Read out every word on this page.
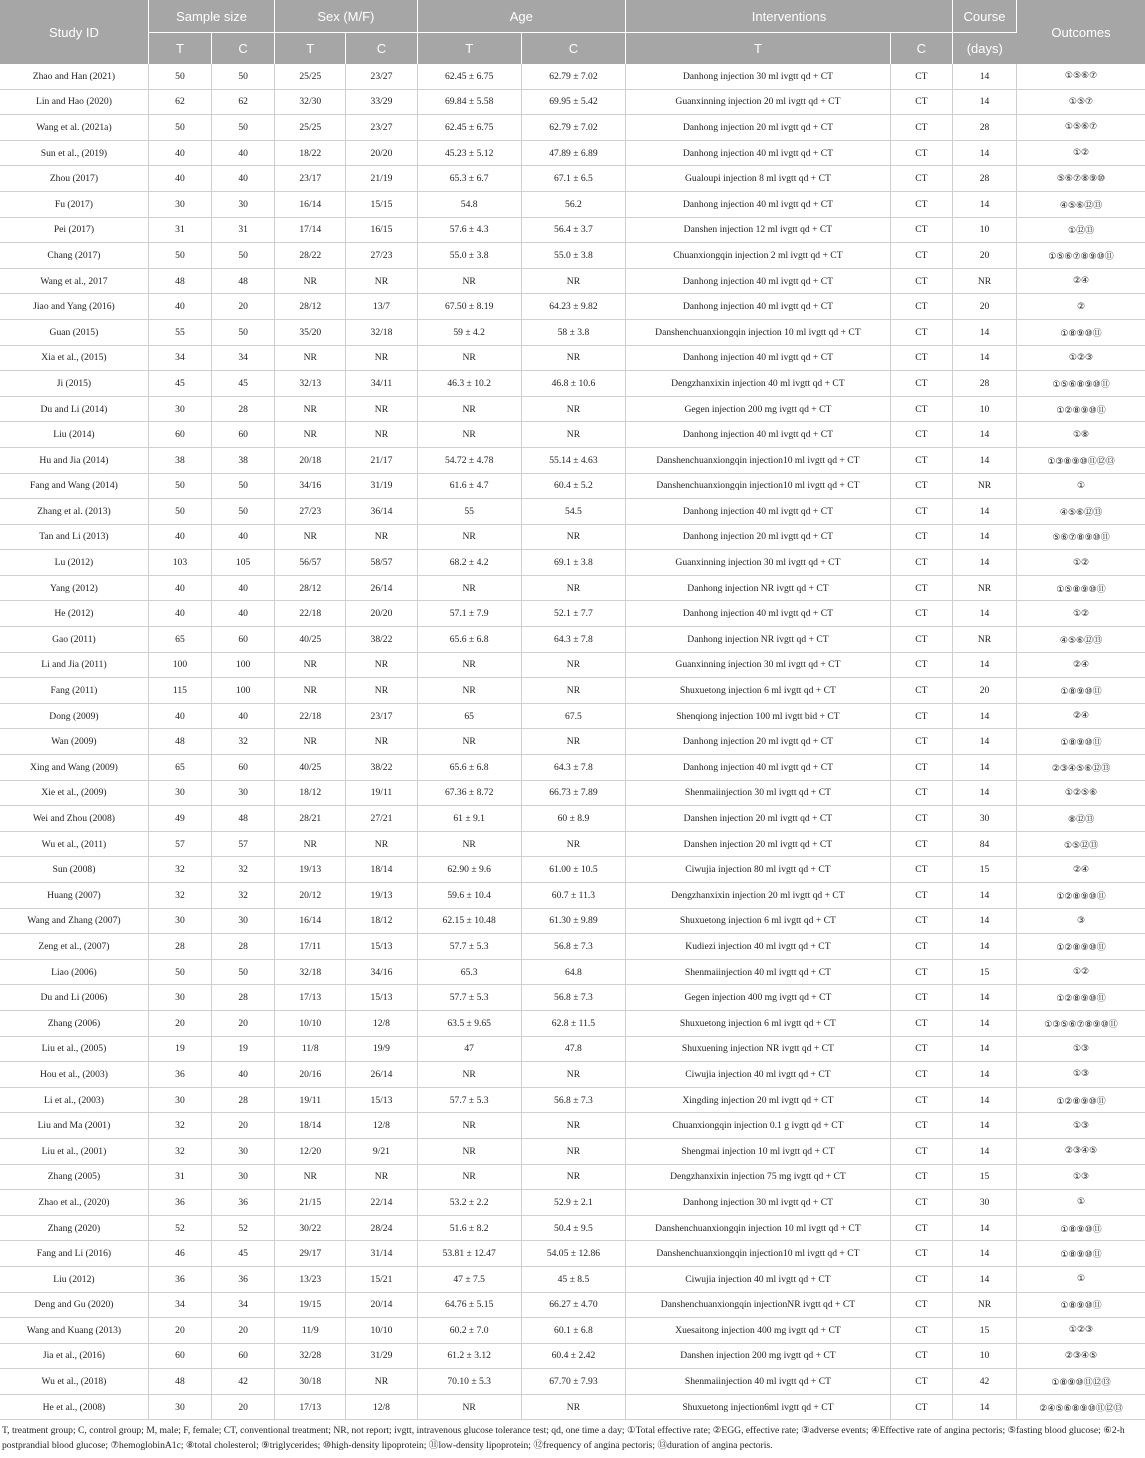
Study ID	Sample size		Sex (M/F)		Age		Interventions		Course	Outcomes
	T	C	T	C	T	C	T	C	(days)	
Zhao and Han (2021)	50	50	25/25	23/27	62.45 ± 6.75	62.79 ± 7.02	Danhong injection 30 ml ivgtt qd + CT	CT	14	①⑤⑥⑦
Lin and Hao (2020)	62	62	32/30	33/29	69.84 ± 5.58	69.95 ± 5.42	Guanxinning injection 20 ml ivgtt qd + CT	CT	14	①⑤⑦
Wang et al. (2021a)	50	50	25/25	23/27	62.45 ± 6.75	62.79 ± 7.02	Danhong injection 20 ml ivgtt qd + CT	CT	28	①⑤⑥⑦
Sun et al., (2019)	40	40	18/22	20/20	45.23 ± 5.12	47.89 ± 6.89	Danhong injection 40 ml ivgtt qd + CT	CT	14	①②
Zhou (2017)	40	40	23/17	21/19	65.3 ± 6.7	67.1 ± 6.5	Gualoupi injection 8 ml ivgtt qd + CT	CT	28	⑤⑥⑦⑧⑨⑩
Fu (2017)	30	30	16/14	15/15	54.8	56.2	Danhong injection 40 ml ivgtt qd + CT	CT	14	④⑤⑥⑫⑬
Pei (2017)	31	31	17/14	16/15	57.6 ± 4.3	56.4 ± 3.7	Danshen injection 12 ml ivgtt qd + CT	CT	10	①⑫⑬
Chang (2017)	50	50	28/22	27/23	55.0 ± 3.8	55.0 ± 3.8	Chuanxiongqin injection 2 ml ivgtt qd + CT	CT	20	①⑤⑥⑦⑧⑨⑩⑪
Wang et al., 2017	48	48	NR	NR	NR	NR	Danhong injection 40 ml ivgtt qd + CT	CT	NR	②④
Jiao and Yang (2016)	40	20	28/12	13/7	67.50 ± 8.19	64.23 ± 9.82	Danhong injection 40 ml ivgtt qd + CT	CT	20	②
Guan (2015)	55	50	35/20	32/18	59 ± 4.2	58 ± 3.8	Danshenchuanxiongqin injection 10 ml ivgtt qd + CT	CT	14	①⑧⑨⑩⑪
Xia et al., (2015)	34	34	NR	NR	NR	NR	Danhong injection 40 ml ivgtt qd + CT	CT	14	①②③
Ji (2015)	45	45	32/13	34/11	46.3 ± 10.2	46.8 ± 10.6	Dengzhanxixin injection 40 ml ivgtt qd + CT	CT	28	①⑤⑥⑧⑨⑩⑪
Du and Li (2014)	30	28	NR	NR	NR	NR	Gegen injection 200 mg ivgtt qd + CT	CT	10	①②⑧⑨⑩⑪
Liu (2014)	60	60	NR	NR	NR	NR	Danhong injection 40 ml ivgtt qd + CT	CT	14	①⑧
Hu and Jia (2014)	38	38	20/18	21/17	54.72 ± 4.78	55.14 ± 4.63	Danshenchuanxiongqin injection10 ml ivgtt qd + CT	CT	14	①③⑧⑨⑩⑪⑫⑬
Fang and Wang (2014)	50	50	34/16	31/19	61.6 ± 4.7	60.4 ± 5.2	Danshenchuanxiongqin injection10 ml ivgtt qd + CT	CT	NR	①
Zhang et al. (2013)	50	50	27/23	36/14	55	54.5	Danhong injection 40 ml ivgtt qd + CT	CT	14	④⑤⑥⑫⑬
Tan and Li (2013)	40	40	NR	NR	NR	NR	Danhong injection 20 ml ivgtt qd + CT	CT	14	⑤⑥⑦⑧⑨⑩⑪
Lu (2012)	103	105	56/57	58/57	68.2 ± 4.2	69.1 ± 3.8	Guanxinning injection 30 ml ivgtt qd + CT	CT	14	①②
Yang (2012)	40	40	28/12	26/14	NR	NR	Danhong injection NR ivgtt qd + CT	CT	NR	①⑤⑧⑨⑩⑪
He (2012)	40	40	22/18	20/20	57.1 ± 7.9	52.1 ± 7.7	Danhong injection 40 ml ivgtt qd + CT	CT	14	①②
Gao (2011)	65	60	40/25	38/22	65.6 ± 6.8	64.3 ± 7.8	Danhong injection NR ivgtt qd + CT	CT	NR	④⑤⑥⑫⑬
Li and Jia (2011)	100	100	NR	NR	NR	NR	Guanxinning injection 30 ml ivgtt qd + CT	CT	14	②④
Fang (2011)	115	100	NR	NR	NR	NR	Shuxuetong injection 6 ml ivgtt qd + CT	CT	20	①⑧⑨⑩⑪
Dong (2009)	40	40	22/18	23/17	65	67.5	Shenqiong injection 100 ml ivgtt bid + CT	CT	14	②④
Wan (2009)	48	32	NR	NR	NR	NR	Danhong injection 20 ml ivgtt qd + CT	CT	14	①⑧⑨⑩⑪
Xing and Wang (2009)	65	60	40/25	38/22	65.6 ± 6.8	64.3 ± 7.8	Danhong injection 40 ml ivgtt qd + CT	CT	14	②③④⑤⑥⑫⑬
Xie et al., (2009)	30	30	18/12	19/11	67.36 ± 8.72	66.73 ± 7.89	Shenmaiinjection 30 ml ivgtt qd + CT	CT	14	①②⑤⑥
Wei and Zhou (2008)	49	48	28/21	27/21	61 ± 9.1	60 ± 8.9	Danshen injection 20 ml ivgtt qd + CT	CT	30	⑧⑫⑬
Wu et al., (2011)	57	57	NR	NR	NR	NR	Danshen injection 20 ml ivgtt qd + CT	CT	84	①⑤⑫⑬
Sun (2008)	32	32	19/13	18/14	62.90 ± 9.6	61.00 ± 10.5	Ciwujia injection 80 ml ivgtt qd + CT	CT	15	②④
Huang (2007)	32	32	20/12	19/13	59.6 ± 10.4	60.7 ± 11.3	Dengzhanxixin injection 20 ml ivgtt qd + CT	CT	14	①②⑧⑨⑩⑪
Wang and Zhang (2007)	30	30	16/14	18/12	62.15 ± 10.48	61.30 ± 9.89	Shuxuetong injection 6 ml ivgtt qd + CT	CT	14	③
Zeng et al., (2007)	28	28	17/11	15/13	57.7 ± 5.3	56.8 ± 7.3	Kudiezi injection 40 ml ivgtt qd + CT	CT	14	①②⑧⑨⑩⑪
Liao (2006)	50	50	32/18	34/16	65.3	64.8	Shenmaiinjection 40 ml ivgtt qd + CT	CT	15	①②
Du and Li (2006)	30	28	17/13	15/13	57.7 ± 5.3	56.8 ± 7.3	Gegen injection 400 mg ivgtt qd + CT	CT	14	①②⑧⑨⑩⑪
Zhang (2006)	20	20	10/10	12/8	63.5 ± 9.65	62.8 ± 11.5	Shuxuetong injection 6 ml ivgtt qd + CT	CT	14	①③⑤⑥⑦⑧⑨⑩⑪
Liu et al., (2005)	19	19	11/8	19/9	47	47.8	Shuxuening injection NR ivgtt qd + CT	CT	14	①③
Hou et al., (2003)	36	40	20/16	26/14	NR	NR	Ciwujia injection 40 ml ivgtt qd + CT	CT	14	①③
Li et al., (2003)	30	28	19/11	15/13	57.7 ± 5.3	56.8 ± 7.3	Xingding injection 20 ml ivgtt qd + CT	CT	14	①②⑧⑨⑩⑪
Liu and Ma (2001)	32	20	18/14	12/8	NR	NR	Chuanxiongqin injection 0.1 g ivgtt qd + CT	CT	14	①③
Liu et al., (2001)	32	30	12/20	9/21	NR	NR	Shengmai injection 10 ml ivgtt qd + CT	CT	14	②③④⑤
Zhang (2005)	31	30	NR	NR	NR	NR	Dengzhanxixin injection 75 mg ivgtt qd + CT	CT	15	①③
Zhao et al., (2020)	36	36	21/15	22/14	53.2 ± 2.2	52.9 ± 2.1	Danhong injection 30 ml ivgtt qd + CT	CT	30	①
Zhang (2020)	52	52	30/22	28/24	51.6 ± 8.2	50.4 ± 9.5	Danshenchuanxiongqin injection 10 ml ivgtt qd + CT	CT	14	①⑧⑨⑩⑪
Fang and Li (2016)	46	45	29/17	31/14	53.81 ± 12.47	54.05 ± 12.86	Danshenchuanxiongqin injection10 ml ivgtt qd + CT	CT	14	①⑧⑨⑩⑪
Liu (2012)	36	36	13/23	15/21	47 ± 7.5	45 ± 8.5	Ciwujia injection 40 ml ivgtt qd + CT	CT	14	①
Deng and Gu (2020)	34	34	19/15	20/14	64.76 ± 5.15	66.27 ± 4.70	Danshenchuanxiongqin injectionNR ivgtt qd + CT	CT	NR	①⑧⑨⑩⑪
Wang and Kuang (2013)	20	20	11/9	10/10	60.2 ± 7.0	60.1 ± 6.8	Xuesaitong injection 400 mg ivgtt qd + CT	CT	15	①②③
Jia et al., (2016)	60	60	32/28	31/29	61.2 ± 3.12	60.4 ± 2.42	Danshen injection 200 mg ivgtt qd + CT	CT	10	②③④⑤
Wu et al., (2018)	48	42	30/18	NR	70.10 ± 5.3	67.70 ± 7.93	Shenmaiinjection 40 ml ivgtt qd + CT	CT	42	①⑧⑨⑩⑪⑫⑬
He et al., (2008)	30	20	17/13	12/8	NR	NR	Shuxuetong injection6ml ivgtt qd + CT	CT	14	②④⑤⑥⑧⑨⑩⑪⑫⑬
T, treatment group; C, control group; M, male; F, female; CT, conventional treatment; NR, not report; ivgtt, intravenous glucose tolerance test; qd, one time a day; ①Total effective rate; ②EGG, effective rate; ③adverse events; ④Effective rate of angina pectoris; ⑤fasting blood glucose; ⑥2-h postprandial blood glucose; ⑦hemoglobinA1c; ⑧total cholesterol; ⑨triglycerides; ⑩high-density lipoprotein; ⑪low-density lipoprotein; ⑫frequency of angina pectoris; ⑬duration of angina pectoris.
